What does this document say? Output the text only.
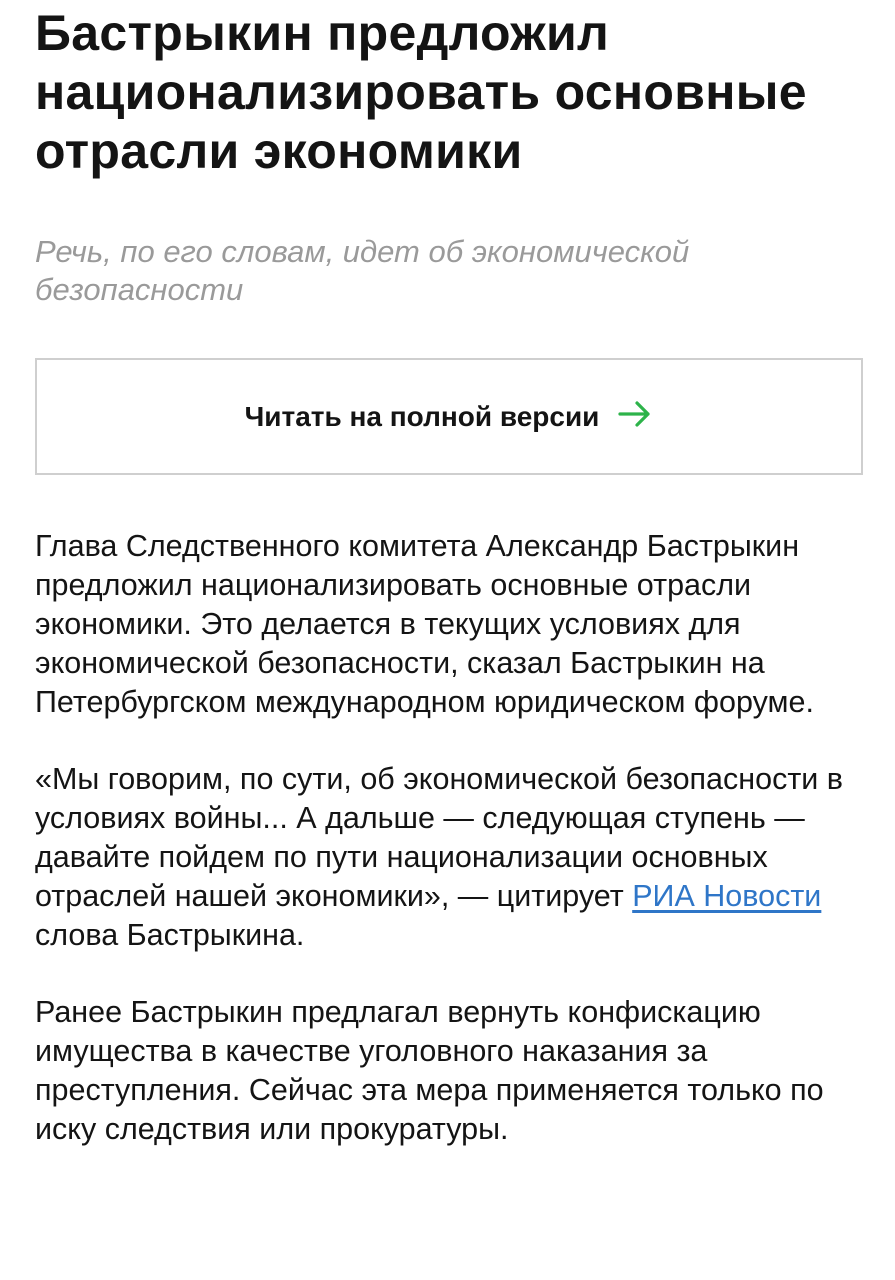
Бастрыкин предложил национализировать основные отрасли экономики
Речь, по его словам, идет об экономической безопасности
Читать на полной версии

Глава Следственного комитета Александр Бастрыкин предложил национализировать основные отрасли экономики. Это делается в текущих условиях для экономической безопасности, сказал Бастрыкин на Петербургском международном юридическом форуме.

«Мы говорим, по сути, об экономической безопасности в условиях войны... А дальше — следующая ступень — давайте пойдем по пути национализации основных отраслей нашей экономики», — цитирует РИА Новости слова Бастрыкина.

Ранее Бастрыкин предлагал вернуть конфискацию имущества в качестве уголовного наказания за преступления. Сейчас эта мера применяется только по иску следствия или прокуратуры.
